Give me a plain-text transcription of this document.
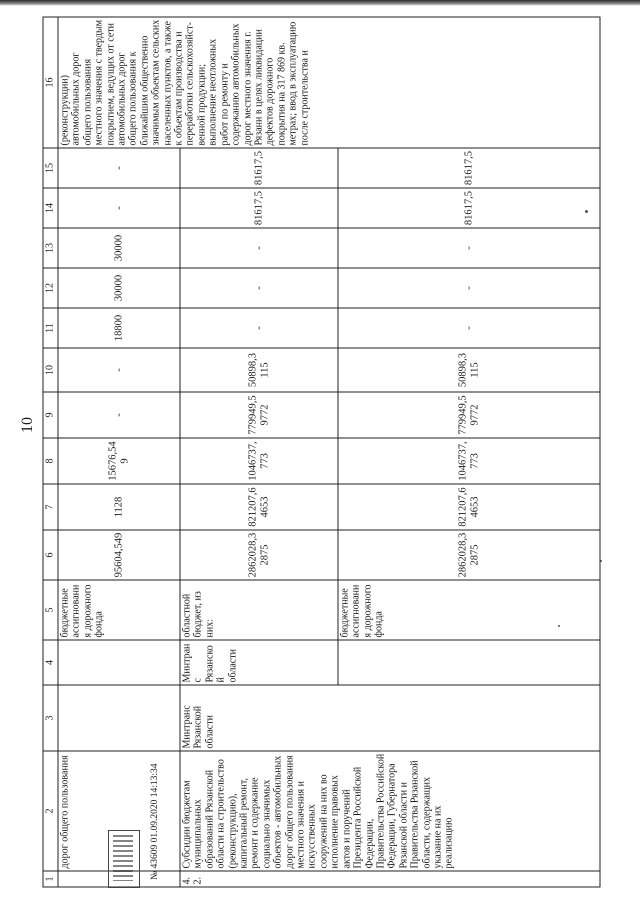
10
1	2	3	4	5	6	7	8	9	10	11	12	13	14	15	16
	дорог общего пользования			бюджетные ассигнования дорожного фонда	95604,549	1128	15676,549	-	-	18800	30000	30000	-	-	(реконструкции) автомобильных дорог общего пользования местного значения с твердым покрытием, ведущих от сети автомобильных дорог общего пользования к ближайшим общественно значимым объектам сельских населенных пунктов, а также к объектам производства и переработки сельскохозяйст-венной продукции; выполнение неотложных работ по ремонту и содержанию автомобильных дорог местного значения г. Рязани в целях ликвидации дефектов дорожного покрытия на 317 869 кв. метрах; ввод в эксплуатацию после строительства и
4.2.	Субсидии бюджетам муниципальных образований Рязанской области на строительство (реконструкцию), капитальный ремонт, ремонт и содержание социально значимых объектов - автомобильных дорог общего пользования местного значения и искусственных сооружений на них во исполнение правовых актов и поручений Президента Российской Федерации, Правительства Российской Федерации, Губернатора Рязанской области и Правительства Рязанской области, содержащих указание на их реализацию	Минтранс Рязанской области	Минтранс Рязанской области	областной бюджет, из них:	2862028,32875	821207,64653	1046737,773	779949,59772	50898,3115	-	-	-	81617,5	81617,5	
				бюджетные ассигнования дорожного фонда	2862028,32875	821207,64653	1046737,773	779949,59772	50898,3115	-	-	-	81617,5	81617,5	
№ 43609 01.09.2020 14:13:34
